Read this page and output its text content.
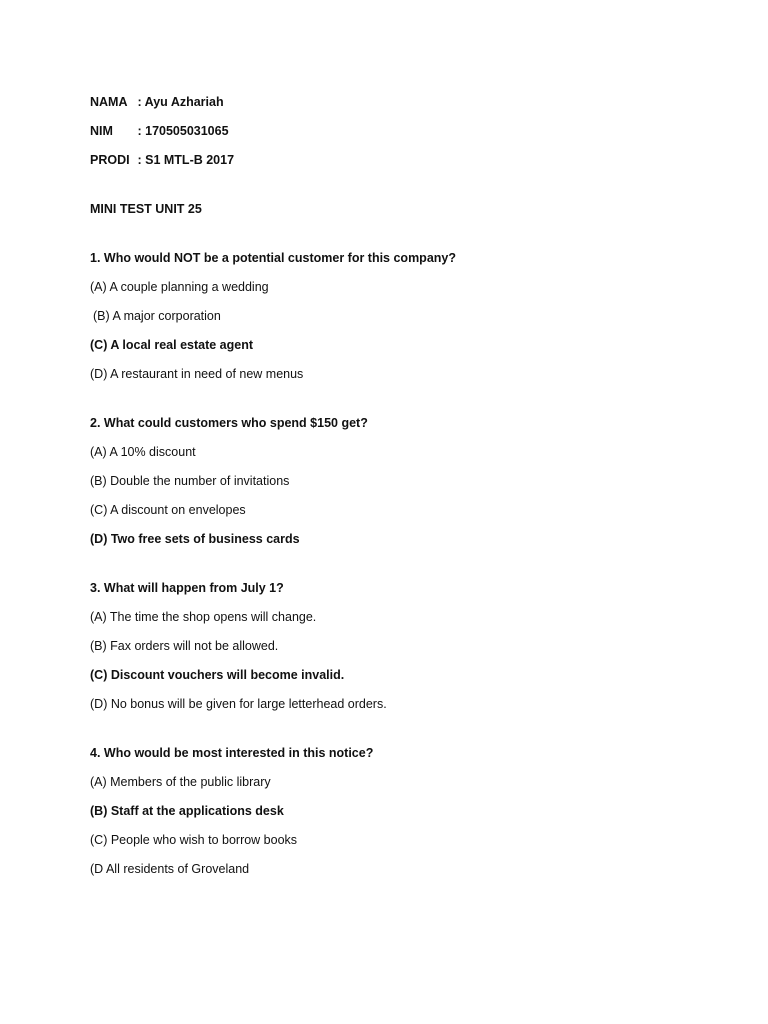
NAMA : Ayu Azhariah
NIM : 170505031065
PRODI : S1 MTL-B 2017
MINI TEST UNIT 25
1. Who would NOT be a potential customer for this company?
(A) A couple planning a wedding
(B) A major corporation
(C) A local real estate agent
(D) A restaurant in need of new menus
2. What could customers who spend $150 get?
(A) A 10% discount
(B) Double the number of invitations
(C) A discount on envelopes
(D) Two free sets of business cards
3. What will happen from July 1?
(A) The time the shop opens will change.
(B) Fax orders will not be allowed.
(C) Discount vouchers will become invalid.
(D) No bonus will be given for large letterhead orders.
4. Who would be most interested in this notice?
(A) Members of the public library
(B) Staff at the applications desk
(C) People who wish to borrow books
(D All residents of Groveland
